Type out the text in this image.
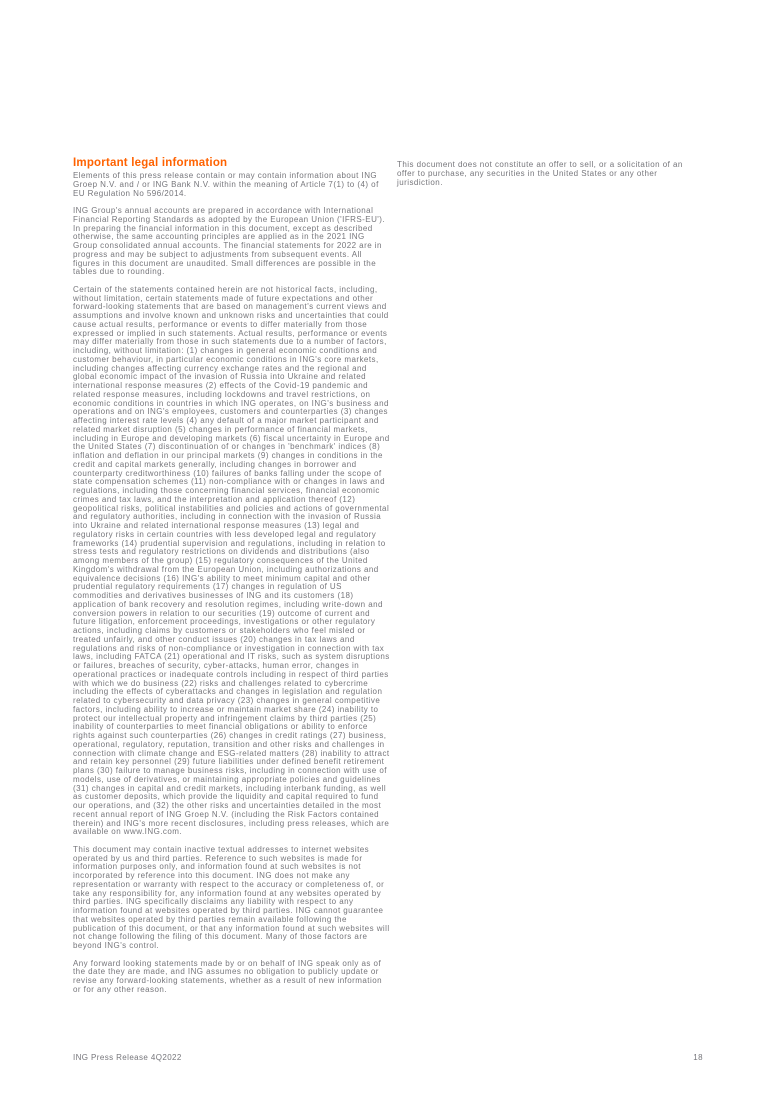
Important legal information

Elements of this press release contain or may contain information about ING Groep N.V. and / or ING Bank N.V. within the meaning of Article 7(1) to (4) of EU Regulation No 596/2014.

ING Group's annual accounts are prepared in accordance with International Financial Reporting Standards as adopted by the European Union ('IFRS-EU'). In preparing the financial information in this document, except as described otherwise, the same accounting principles are applied as in the 2021 ING Group consolidated annual accounts. The financial statements for 2022 are in progress and may be subject to adjustments from subsequent events. All figures in this document are unaudited. Small differences are possible in the tables due to rounding.

Certain of the statements contained herein are not historical facts, including, without limitation, certain statements made of future expectations and other forward-looking statements that are based on management's current views and assumptions and involve known and unknown risks and uncertainties that could cause actual results, performance or events to differ materially from those expressed or implied in such statements. Actual results, performance or events may differ materially from those in such statements due to a number of factors, including, without limitation: (1) changes in general economic conditions and customer behaviour, in particular economic conditions in ING's core markets, including changes affecting currency exchange rates and the regional and global economic impact of the invasion of Russia into Ukraine and related international response measures (2) effects of the Covid-19 pandemic and related response measures, including lockdowns and travel restrictions, on economic conditions in countries in which ING operates, on ING's business and operations and on ING's employees, customers and counterparties (3) changes affecting interest rate levels (4) any default of a major market participant and related market disruption (5) changes in performance of financial markets, including in Europe and developing markets (6) fiscal uncertainty in Europe and the United States (7) discontinuation of or changes in 'benchmark' indices (8) inflation and deflation in our principal markets (9) changes in conditions in the credit and capital markets generally, including changes in borrower and counterparty creditworthiness (10) failures of banks falling under the scope of state compensation schemes (11) non-compliance with or changes in laws and regulations, including those concerning financial services, financial economic crimes and tax laws, and the interpretation and application thereof (12) geopolitical risks, political instabilities and policies and actions of governmental and regulatory authorities, including in connection with the invasion of Russia into Ukraine and related international response measures (13) legal and regulatory risks in certain countries with less developed legal and regulatory frameworks (14) prudential supervision and regulations, including in relation to stress tests and regulatory restrictions on dividends and distributions (also among members of the group) (15) regulatory consequences of the United Kingdom's withdrawal from the European Union, including authorizations and equivalence decisions (16) ING's ability to meet minimum capital and other prudential regulatory requirements (17) changes in regulation of US commodities and derivatives businesses of ING and its customers (18) application of bank recovery and resolution regimes, including write-down and conversion powers in relation to our securities (19) outcome of current and future litigation, enforcement proceedings, investigations or other regulatory actions, including claims by customers or stakeholders who feel misled or treated unfairly, and other conduct issues (20) changes in tax laws and regulations and risks of non-compliance or investigation in connection with tax laws, including FATCA (21) operational and IT risks, such as system disruptions or failures, breaches of security, cyber-attacks, human error, changes in operational practices or inadequate controls including in respect of third parties with which we do business (22) risks and challenges related to cybercrime including the effects of cyberattacks and changes in legislation and regulation related to cybersecurity and data privacy (23) changes in general competitive factors, including ability to increase or maintain market share (24) inability to protect our intellectual property and infringement claims by third parties (25) inability of counterparties to meet financial obligations or ability to enforce rights against such counterparties (26) changes in credit ratings (27) business, operational, regulatory, reputation, transition and other risks and challenges in connection with climate change and ESG-related matters (28) inability to attract and retain key personnel (29) future liabilities under defined benefit retirement plans (30) failure to manage business risks, including in connection with use of models, use of derivatives, or maintaining appropriate policies and guidelines (31) changes in capital and credit markets, including interbank funding, as well as customer deposits, which provide the liquidity and capital required to fund our operations, and (32) the other risks and uncertainties detailed in the most recent annual report of ING Groep N.V. (including the Risk Factors contained therein) and ING's more recent disclosures, including press releases, which are available on www.ING.com.

This document may contain inactive textual addresses to internet websites operated by us and third parties. Reference to such websites is made for information purposes only, and information found at such websites is not incorporated by reference into this document. ING does not make any representation or warranty with respect to the accuracy or completeness of, or take any responsibility for, any information found at any websites operated by third parties. ING specifically disclaims any liability with respect to any information found at websites operated by third parties. ING cannot guarantee that websites operated by third parties remain available following the publication of this document, or that any information found at such websites will not change following the filing of this document. Many of those factors are beyond ING's control.

Any forward looking statements made by or on behalf of ING speak only as of the date they are made, and ING assumes no obligation to publicly update or revise any forward-looking statements, whether as a result of new information or for any other reason.

This document does not constitute an offer to sell, or a solicitation of an offer to purchase, any securities in the United States or any other jurisdiction.

ING Press Release 4Q2022	18
